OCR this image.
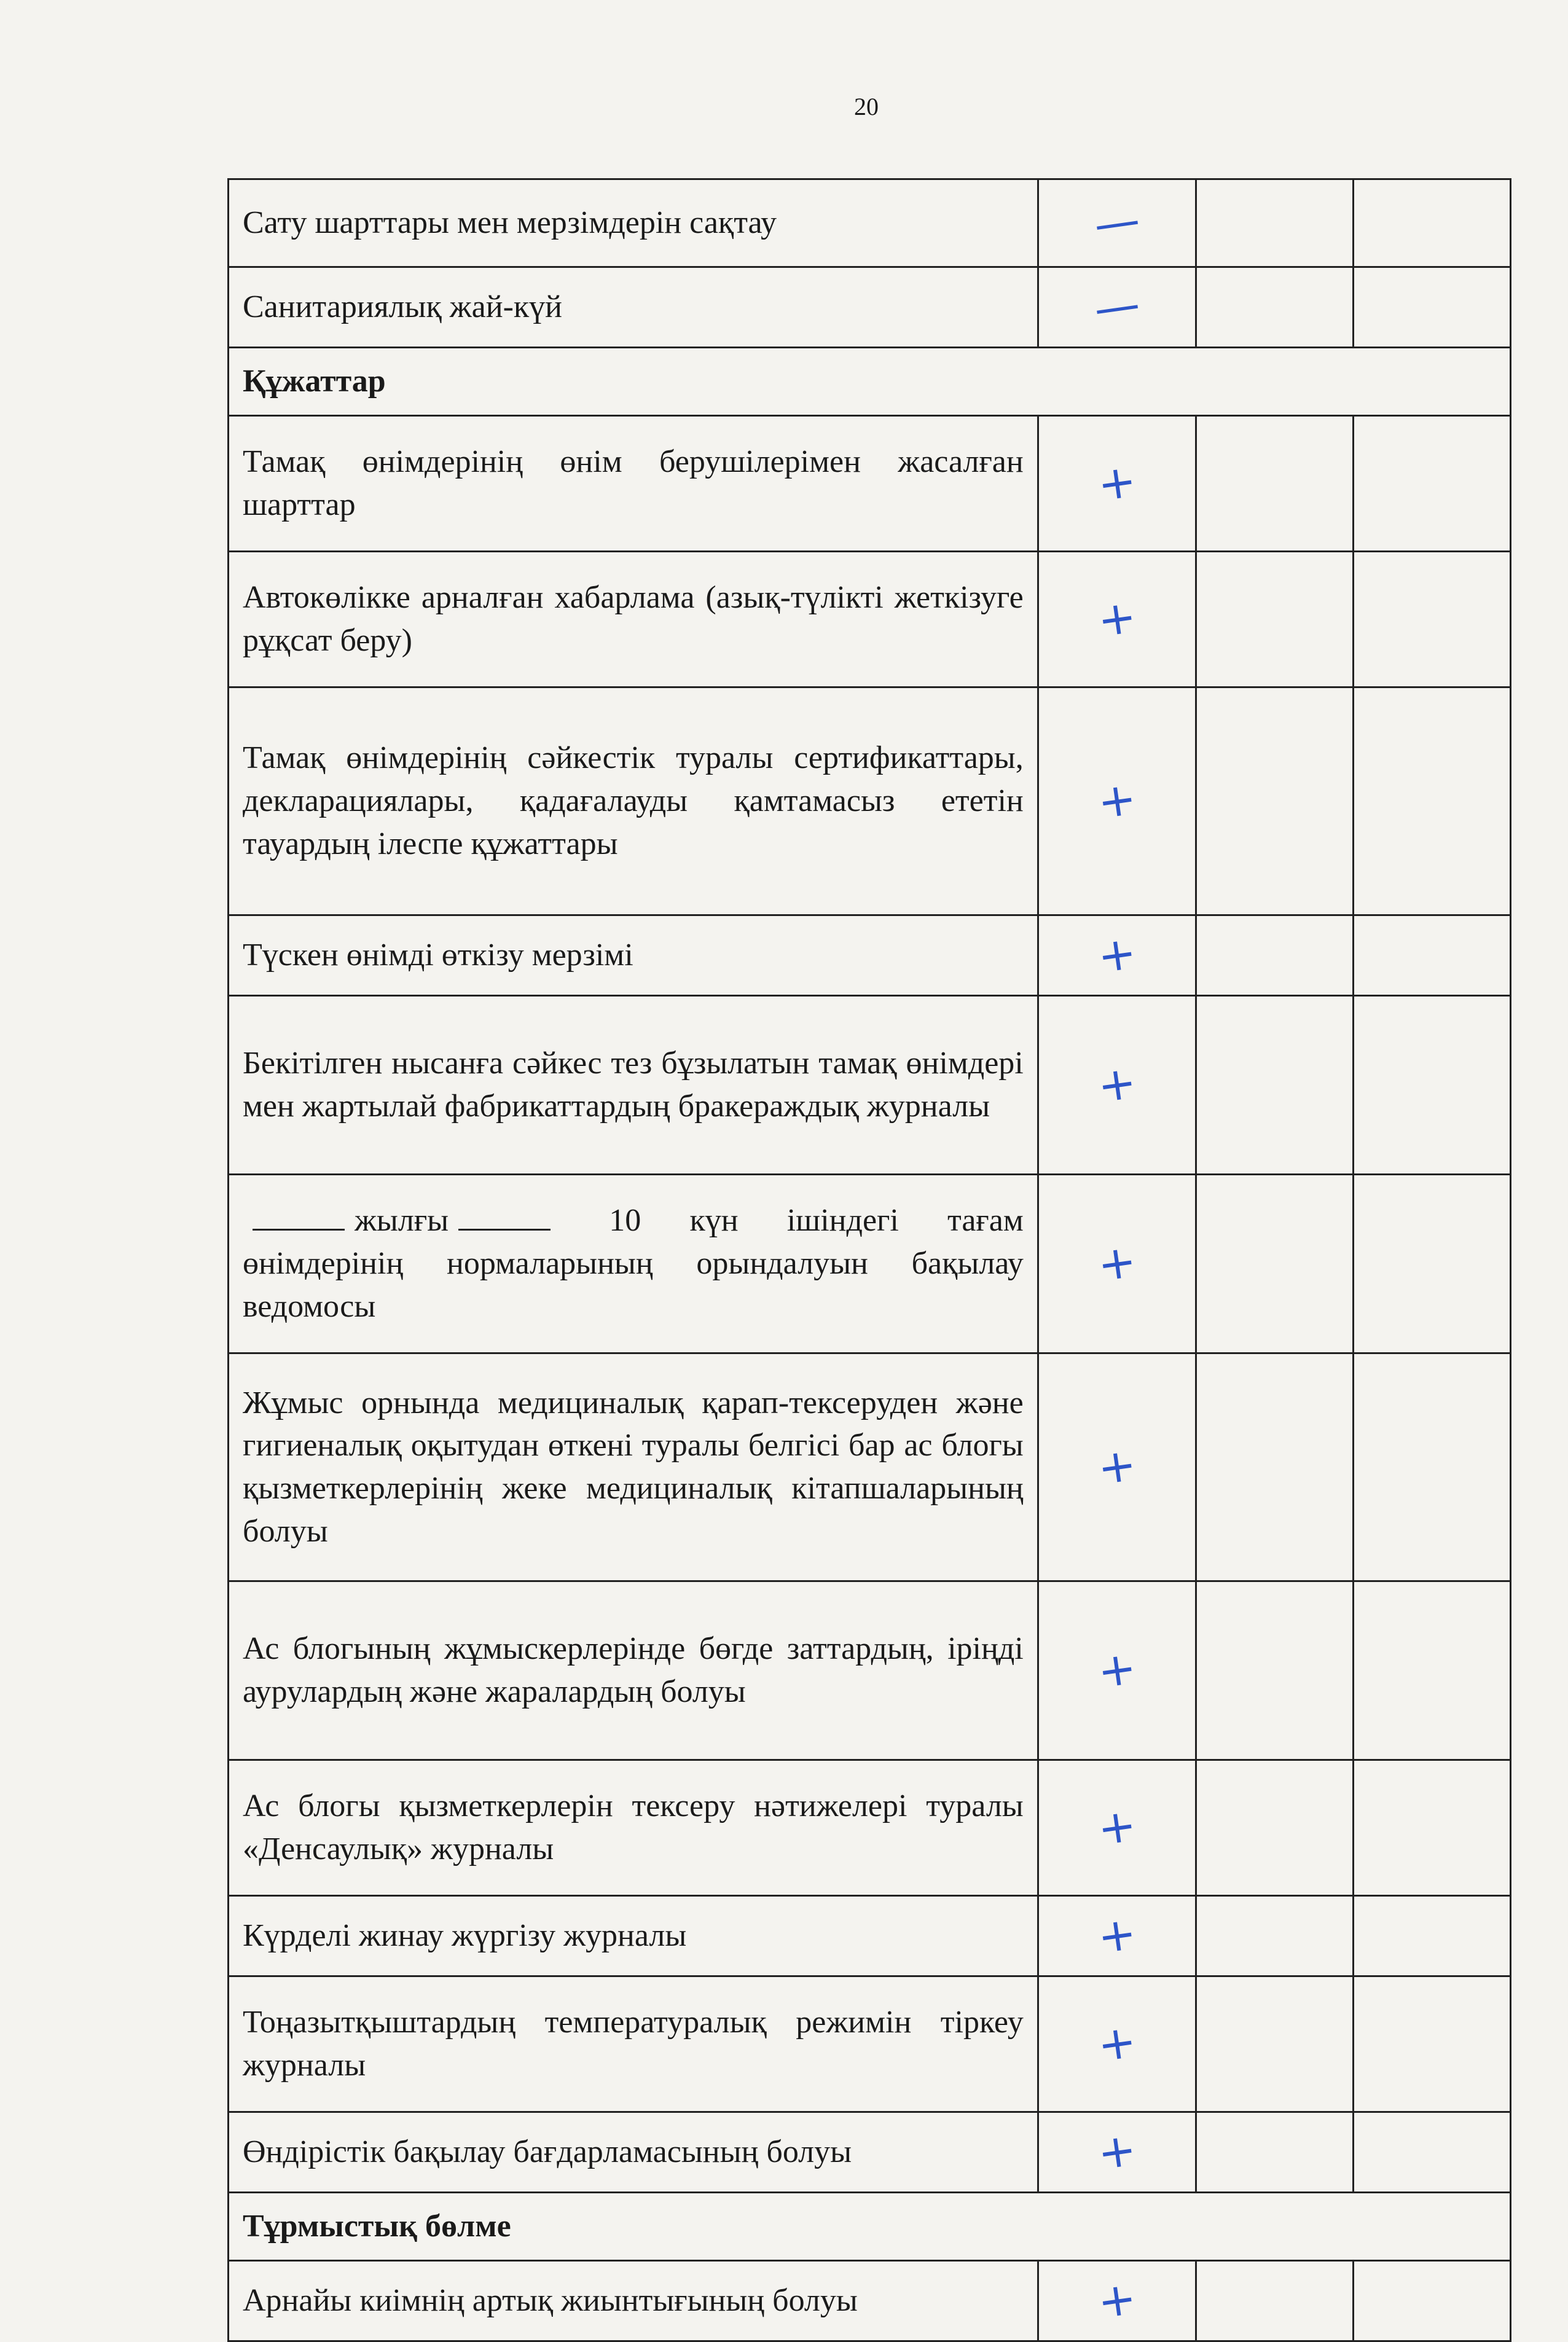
20
Сату шарттары мен мерзімдерін сақтау	—		
Санитариялық жай-күй	—		
Құжаттар			
Тамақ өнімдерінің өнім берушілерімен жасалған шарттар	+		
Автокөлікке арналған хабарлама (азық-түлікті жеткізуге рұқсат беру)	+		
Тамақ өнімдерінің сәйкестік туралы сертификаттары, декларациялары, қадағалауды қамтамасыз ететін тауардың ілеспе құжаттары	+		
Түскен өнімді өткізу мерзімі	+		
Бекітілген нысанға сәйкес тез бұзылатын тамақ өнімдері мен жартылай фабрикаттардың бракераждық журналы	+		
жылғы 10 күн ішіндегі тағам өнімдерінің нормаларының орындалуын бақылау ведомосы	+		
Жұмыс орнында медициналық қарап-тексеруден және гигиеналық оқытудан өткені туралы белгісі бар ас блогы қызметкерлерінің жеке медициналық кітапшаларының болуы	+		
Ас блогының жұмыскерлерінде бөгде заттардың, іріңді аурулардың және жаралардың болуы	+		
Ас блогы қызметкерлерін тексеру нәтижелері туралы «Денсаулық» журналы	+		
Күрделі жинау жүргізу журналы	+		
Тоңазытқыштардың температуралық режимін тіркеу журналы	+		
Өндірістік бақылау бағдарламасының болуы	+		
Тұрмыстық бөлме			
Арнайы киімнің артық жиынтығының болуы	+		
